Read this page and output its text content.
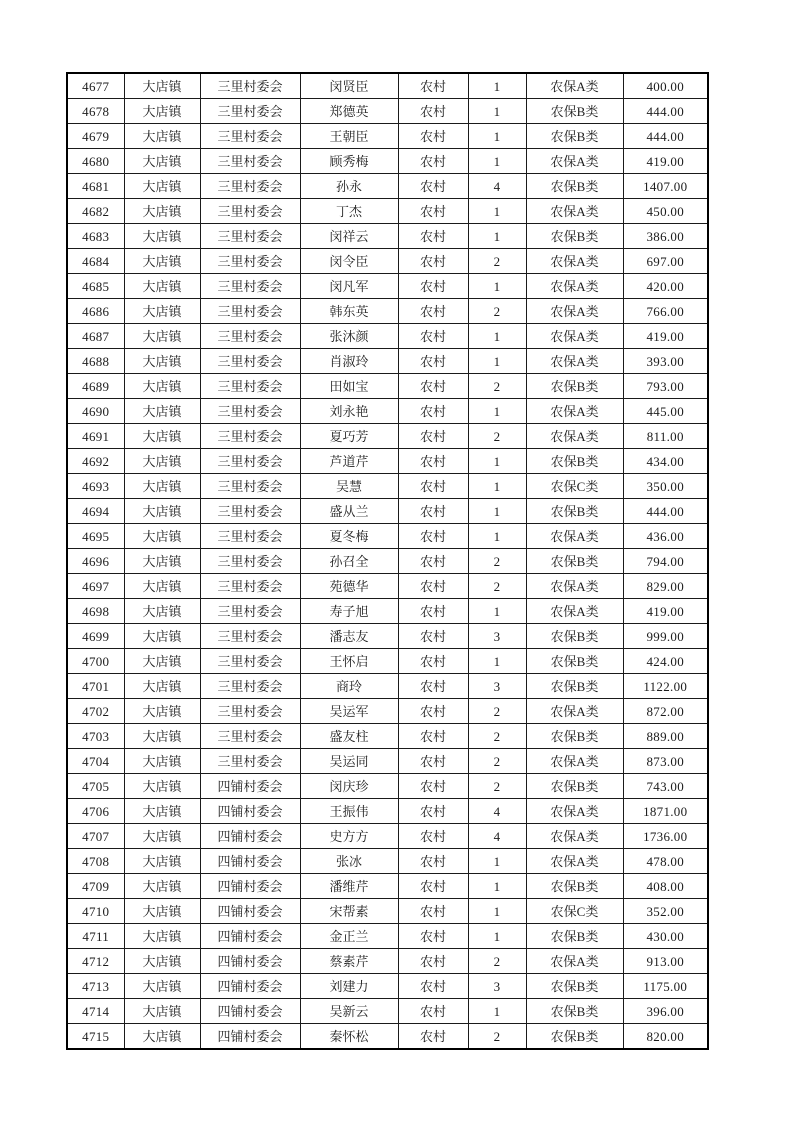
4677	大店镇	三里村委会	闵贤臣	农村	1	农保A类	400.00
4678	大店镇	三里村委会	郑德英	农村	1	农保B类	444.00
4679	大店镇	三里村委会	王朝臣	农村	1	农保B类	444.00
4680	大店镇	三里村委会	顾秀梅	农村	1	农保A类	419.00
4681	大店镇	三里村委会	孙永	农村	4	农保B类	1407.00
4682	大店镇	三里村委会	丁杰	农村	1	农保A类	450.00
4683	大店镇	三里村委会	闵祥云	农村	1	农保B类	386.00
4684	大店镇	三里村委会	闵令臣	农村	2	农保A类	697.00
4685	大店镇	三里村委会	闵凡军	农村	1	农保A类	420.00
4686	大店镇	三里村委会	韩东英	农村	2	农保A类	766.00
4687	大店镇	三里村委会	张沐颜	农村	1	农保A类	419.00
4688	大店镇	三里村委会	肖淑玲	农村	1	农保A类	393.00
4689	大店镇	三里村委会	田如宝	农村	2	农保B类	793.00
4690	大店镇	三里村委会	刘永艳	农村	1	农保A类	445.00
4691	大店镇	三里村委会	夏巧芳	农村	2	农保A类	811.00
4692	大店镇	三里村委会	芦道芹	农村	1	农保B类	434.00
4693	大店镇	三里村委会	吴慧	农村	1	农保C类	350.00
4694	大店镇	三里村委会	盛从兰	农村	1	农保B类	444.00
4695	大店镇	三里村委会	夏冬梅	农村	1	农保A类	436.00
4696	大店镇	三里村委会	孙召全	农村	2	农保B类	794.00
4697	大店镇	三里村委会	苑德华	农村	2	农保A类	829.00
4698	大店镇	三里村委会	寿子旭	农村	1	农保A类	419.00
4699	大店镇	三里村委会	潘志友	农村	3	农保B类	999.00
4700	大店镇	三里村委会	王怀启	农村	1	农保B类	424.00
4701	大店镇	三里村委会	商玲	农村	3	农保B类	1122.00
4702	大店镇	三里村委会	吴运军	农村	2	农保A类	872.00
4703	大店镇	三里村委会	盛友柱	农村	2	农保B类	889.00
4704	大店镇	三里村委会	吴运同	农村	2	农保A类	873.00
4705	大店镇	四铺村委会	闵庆珍	农村	2	农保B类	743.00
4706	大店镇	四铺村委会	王振伟	农村	4	农保A类	1871.00
4707	大店镇	四铺村委会	史方方	农村	4	农保A类	1736.00
4708	大店镇	四铺村委会	张冰	农村	1	农保A类	478.00
4709	大店镇	四铺村委会	潘维芹	农村	1	农保B类	408.00
4710	大店镇	四铺村委会	宋帮素	农村	1	农保C类	352.00
4711	大店镇	四铺村委会	金正兰	农村	1	农保B类	430.00
4712	大店镇	四铺村委会	蔡素芹	农村	2	农保A类	913.00
4713	大店镇	四铺村委会	刘建力	农村	3	农保B类	1175.00
4714	大店镇	四铺村委会	吴新云	农村	1	农保B类	396.00
4715	大店镇	四铺村委会	秦怀松	农村	2	农保B类	820.00
